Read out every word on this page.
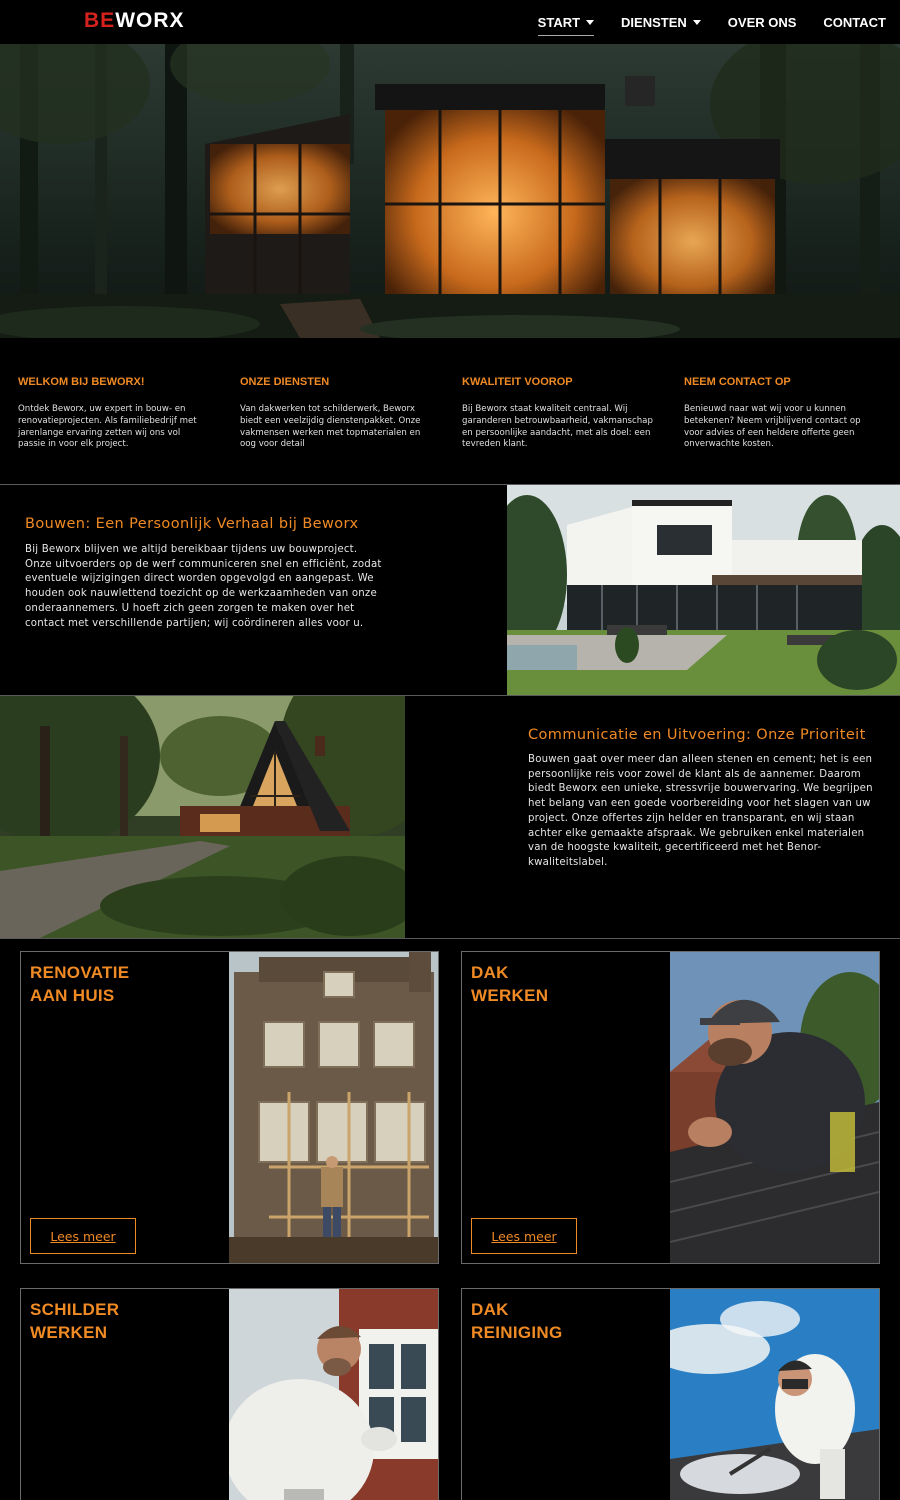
BEWORX	START	DIENSTEN	OVER ONS CONTACT
WELKOM BIJ BEWORX!
Ontdek Beworx, uw expert in bouw- en renovatieprojecten. Als familiebedrijf met jarenlange ervaring zetten wij ons vol passie in voor elk project.
ONZE DIENSTEN
Van dakwerken tot schilderwerk, Beworx biedt een veelzijdig dienstenpakket. Onze vakmensen werken met topmaterialen en oog voor detail
KWALITEIT VOOROP
Bij Beworx staat kwaliteit centraal. Wij garanderen betrouwbaarheid, vakmanschap en persoonlijke aandacht, met als doel: een tevreden klant.
NEEM CONTACT OP
Benieuwd naar wat wij voor u kunnen betekenen? Neem vrijblijvend contact op voor advies of een heldere offerte geen onverwachte kosten.
Bouwen: Een Persoonlijk Verhaal bij Beworx
Bij Beworx blijven we altijd bereikbaar tijdens uw bouwproject. Onze uitvoerders op de werf communiceren snel en efficiënt, zodat eventuele wijzigingen direct worden opgevolgd en aangepast. We houden ook nauwlettend toezicht op de werkzaamheden van onze onderaannemers. U hoeft zich geen zorgen te maken over het contact met verschillende partijen; wij coördineren alles voor u.
Communicatie en Uitvoering: Onze Prioriteit
Bouwen gaat over meer dan alleen stenen en cement; het is een persoonlijke reis voor zowel de klant als de aannemer. Daarom biedt Beworx een unieke, stressvrije bouwervaring. We begrijpen het belang van een goede voorbereiding voor het slagen van uw project. Onze offertes zijn helder en transparant, en wij staan achter elke gemaakte afspraak. We gebruiken enkel materialen van de hoogste kwaliteit, gecertificeerd met het Benor-kwaliteitslabel.
RENOVATIE
AAN HUIS
Lees meer
DAK
WERKEN
Lees meer
SCHILDER
WERKEN
DAK
REINIGING
